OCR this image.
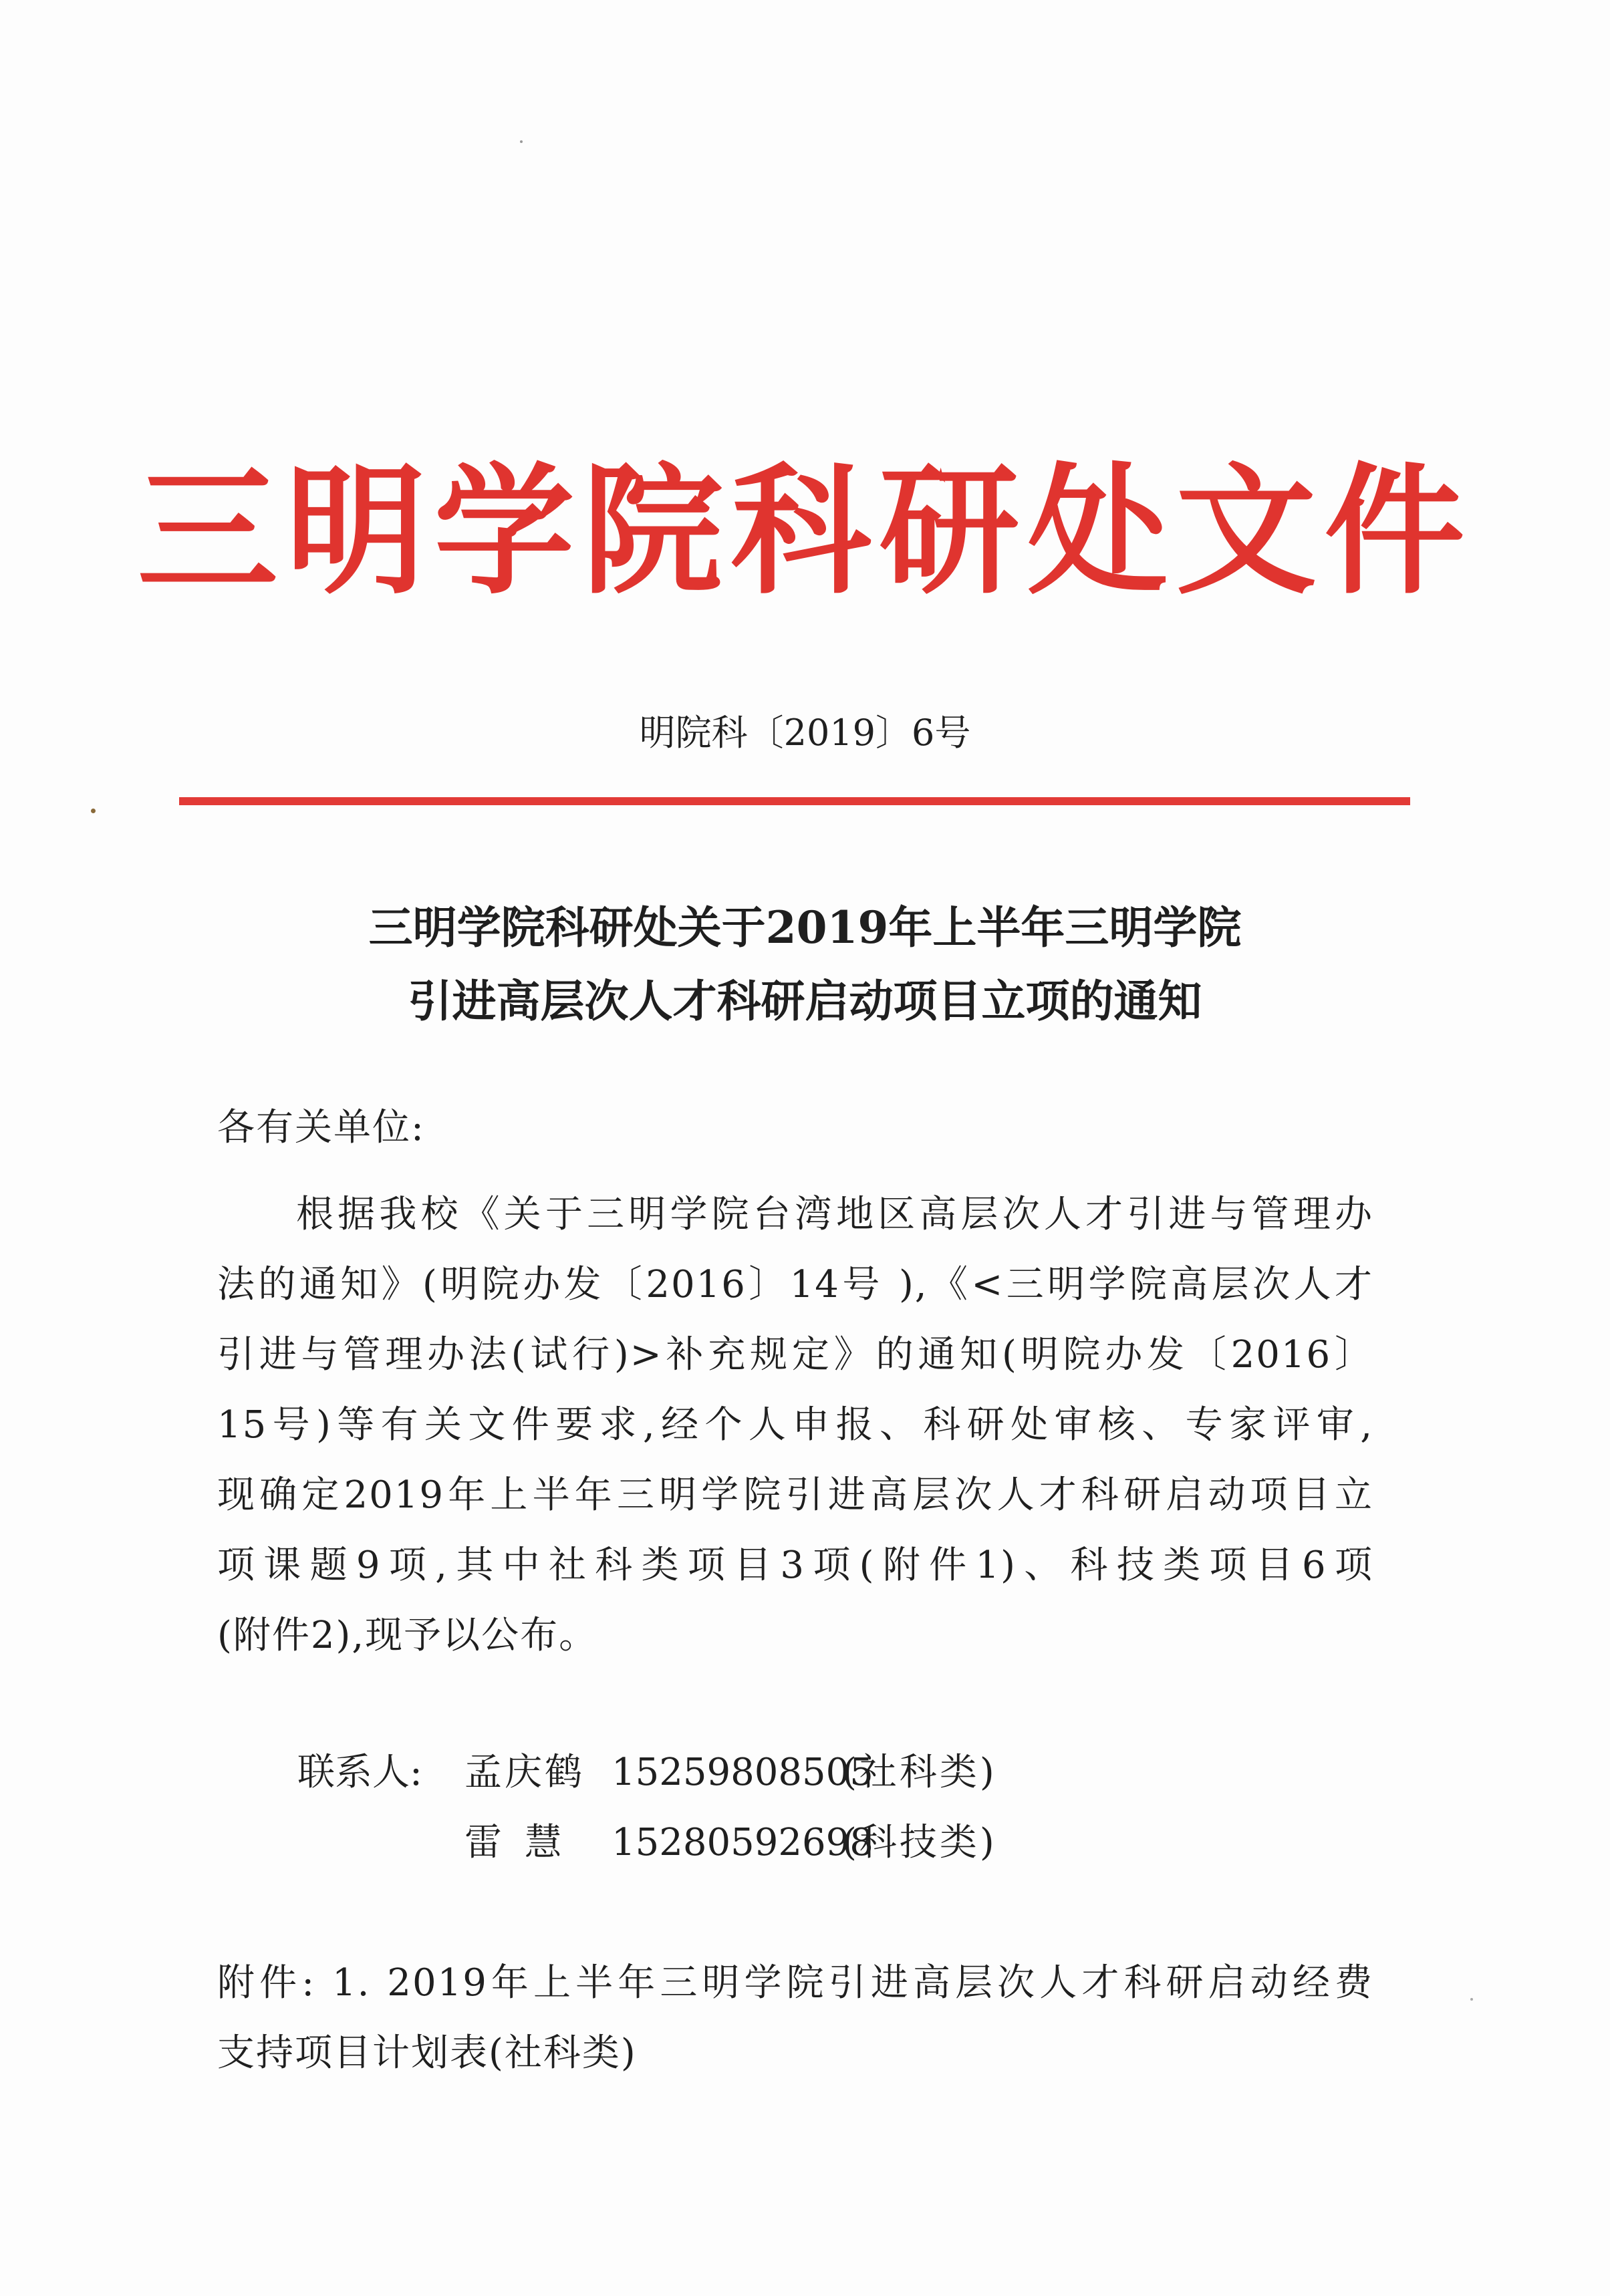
三明学院科研处文件
明院科〔2019〕6号
三明学院科研处关于2019年上半年三明学院
引进高层次人才科研启动项目立项的通知
各有关单位:
根据我校《关于三明学院台湾地区高层次人才引进与管理办
法的通知》(明院办发〔2016〕14号 ),《<三明学院高层次人才
引进与管理办法(试行)>补充规定》的通知(明院办发〔2016〕
15号)等有关文件要求,经个人申报、科研处审核、专家评审,
现确定2019年上半年三明学院引进高层次人才科研启动项目立
项课题9项,其中社科类项目3项(附件1)、科技类项目6项
(附件2),现予以公布。
联系人: 孟庆鹤 15259808505
(社科类)
雷 慧 15280592698
(科技类)
附件: 1. 2019年上半年三明学院引进高层次人才科研启动经费
支持项目计划表(社科类)
